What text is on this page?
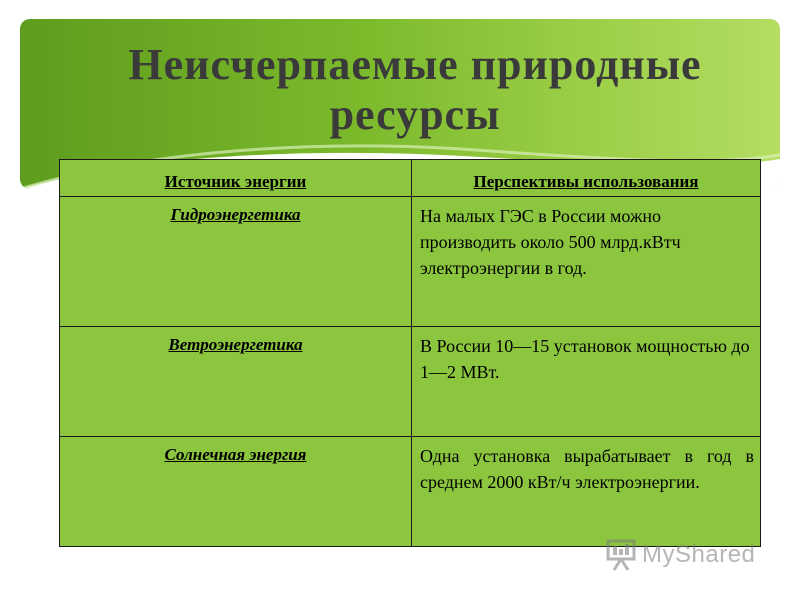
Неисчерпаемые природные ресурсы
Источник энергии	Перспективы использования
Гидроэнергетика	На малых ГЭС в России можно производить около 500 млрд.кВтч электроэнергии в год.
Ветроэнергетика	В России 10—15 установок мощностью до 1—2 МВт.
Солнечная энергия	Одна установка вырабатывает в год в среднем 2000 кВт/ч электроэнергии.
MyShared
